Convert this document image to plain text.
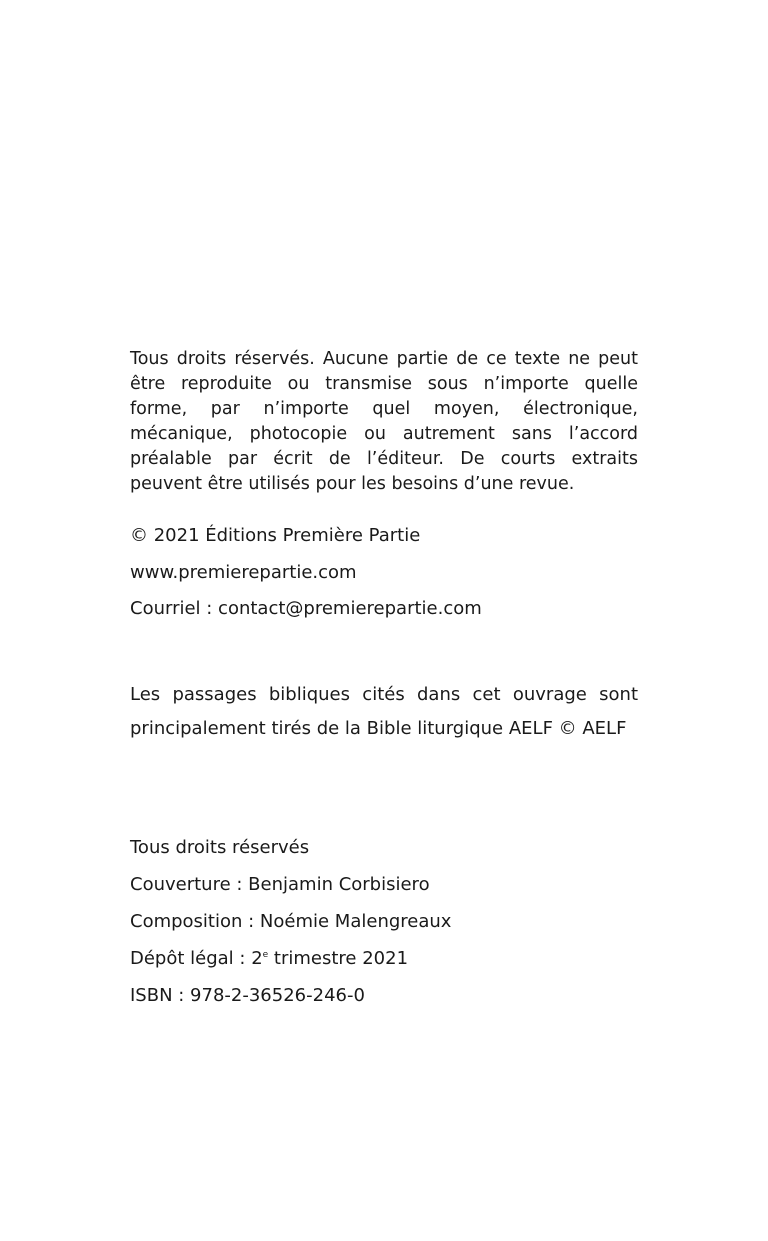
Tous droits réservés. Aucune partie de ce texte ne peut être reproduite ou transmise sous n’importe quelle forme, par n’importe quel moyen, électronique, mécanique, photocopie ou autrement sans l’accord préalable par écrit de l’éditeur. De courts extraits peuvent être utilisés pour les besoins d’une revue.

© 2021 Éditions Première Partie

www.premierepartie.com

Courriel : contact@premierepartie.com

Les passages bibliques cités dans cet ouvrage sont principalement tirés de la Bible liturgique AELF © AELF

Tous droits réservés

Couverture : Benjamin Corbisiero

Composition : Noémie Malengreaux

Dépôt légal : 2e trimestre 2021

ISBN : 978-2-36526-246-0
